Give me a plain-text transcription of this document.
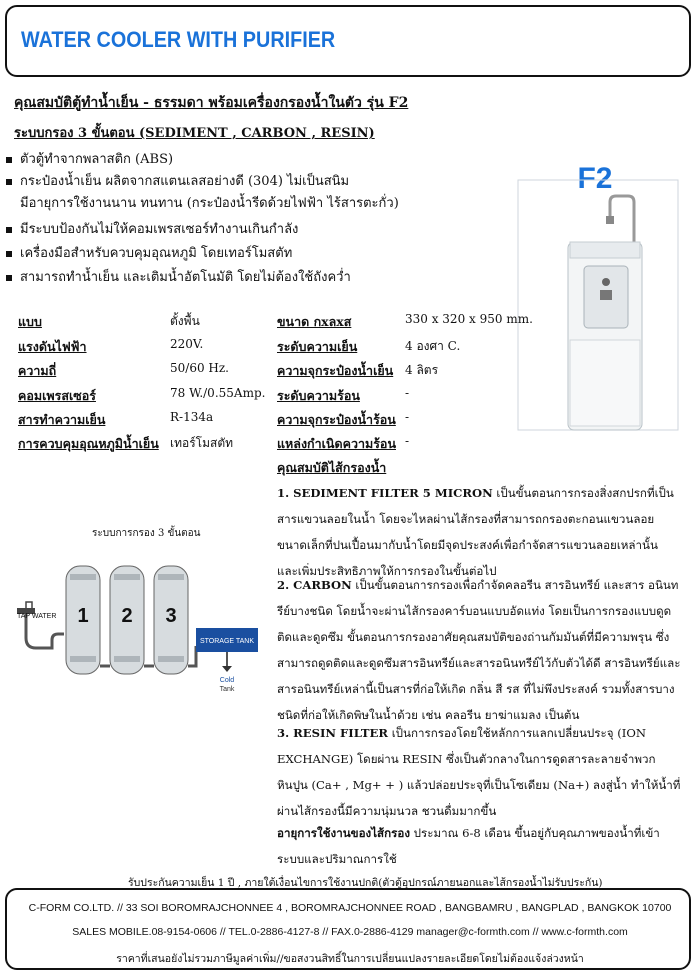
WATER COOLER WITH PURIFIER
คุณสมบัติตู้ทำน้ำเย็น - ธรรมดา พร้อมเครื่องกรองน้ำในตัว รุ่น F2
ระบบกรอง 3 ขั้นตอน (SEDIMENT , CARBON , RESIN)
ตัวตู้ทำจากพลาสติก (ABS)
กระป๋องน้ำเย็น ผลิตจากสแตนเลสอย่างดี (304) ไม่เป็นสนิม
มีอายุการใช้งานนาน ทนทาน (กระป๋องน้ำรีดด้วยไฟฟ้า ไร้สารตะกั่ว)
มีระบบป้องกันไม่ให้คอมเพรสเซอร์ทำงานเกินกำลัง
เครื่องมือสำหรับควบคุมอุณหภูมิ โดยเทอร์โมสตัท
สามารถทำน้ำเย็น และเติมน้ำอัตโนมัติ โดยไม่ต้องใช้ถังคว่ำ
F2
แบบ	ตั้งพื้น
แรงดันไฟฟ้า	220V.
ความถี่	50/60 Hz.
คอมเพรสเซอร์	78 W./0.55Amp.
สารทำความเย็น	R-134a
การควบคุมอุณหภูมิน้ำเย็น เทอร์โมสตัท
ขนาด กxลxส	330 x 320 x 950 mm.
ระดับความเย็น	4 องศา C.
ความจุกระป๋องน้ำเย็น 4 ลิตร
ระดับความร้อน	-
ความจุกระป๋องน้ำร้อน -
แหล่งกำเนิดความร้อน -
คุณสมบัติไส้กรองน้ำ
ระบบการกรอง 3 ขั้นตอน
1 2 3
STORAGE TANK
Cold
Tank
TAP WATER
1. SEDIMENT FILTER 5 MICRON เป็นขั้นตอนการกรองสิ่งสกปรกที่เป็นสารแขวนลอยในน้ำ โดยจะไหลผ่านไส้กรองที่สามารถกรองตะกอนแขวนลอยขนาดเล็กที่ปนเปื้อนมากับน้ำโดยมีจุดประสงค์เพื่อกำจัดสารแขวนลอยเหล่านั้น และเพิ่มประสิทธิภาพให้การกรองในขั้นต่อไป
2. CARBON เป็นขั้นตอนการกรองเพื่อกำจัดคลอรีน สารอินทรีย์ และสาร อนินทรีย์บางชนิด โดยน้ำจะผ่านไส้กรองคาร์บอนแบบอัดแท่ง โดยเป็นการกรองแบบดูดติดและดูดซึม ขั้นตอนการกรองอาศัยคุณสมบัติของถ่านกัมมันต์ที่มีความพรุน ซึ่งสามารถดูดติดและดูดซึมสารอินทรีย์และสารอนินทรีย์ไว้กับตัวได้ดี สารอินทรีย์และสารอนินทรีย์เหล่านี้เป็นสารที่ก่อให้เกิด กลิ่น สี รส ที่ไม่พึงประสงค์ รวมทั้งสารบางชนิดที่ก่อให้เกิดพิษในน้ำด้วย เช่น คลอรีน ยาฆ่าแมลง เป็นต้น
3. RESIN FILTER เป็นการกรองโดยใช้หลักการแลกเปลี่ยนประจุ (ION EXCHANGE) โดยผ่าน RESIN ซึ่งเป็นตัวกลางในการดูดสารละลายจำพวกหินปูน (Ca+ , Mg+ + ) แล้วปล่อยประจุที่เป็นโซเดียม (Na+) ลงสู่น้ำ ทำให้น้ำที่ผ่านไส้กรองนี้มีความนุ่มนวล ชวนดื่มมากขึ้น
อายุการใช้งานของไส้กรอง ประมาณ 6-8 เดือน ขึ้นอยู่กับคุณภาพของน้ำที่เข้าระบบและปริมาณการใช้
รับประกันความเย็น 1 ปี , ภายใต้เงื่อนไขการใช้งานปกติ(ตัวตู้อุปกรณ์ภายนอกและไส้กรองน้ำไม่รับประกัน)
C-FORM CO.LTD. // 33 SOI BOROMRAJCHONNEE 4 , BOROMRAJCHONNEE ROAD , BANGBAMRU , BANGPLAD , BANGKOK 10700
SALES MOBILE.08-9154-0606 // TEL.0-2886-4127-8 // FAX.0-2886-4129 manager@c-formth.com // www.c-formth.com
ราคาที่เสนอยังไม่รวมภาษีมูลค่าเพิ่ม//ขอสงวนสิทธิ์ในการเปลี่ยนแปลงรายละเอียดโดยไม่ต้องแจ้งล่วงหน้า
